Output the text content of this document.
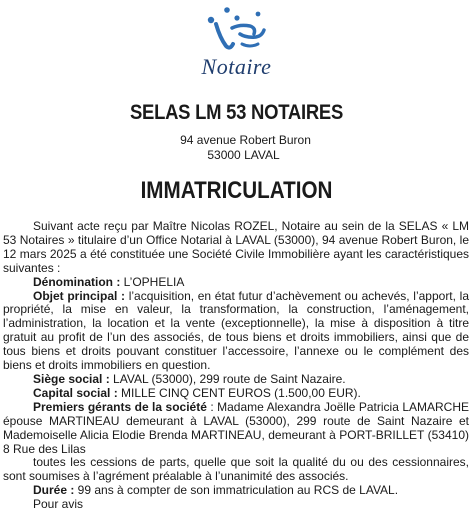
Notaire
SELAS LM 53 NOTAIRES
94 avenue Robert Buron
53000 LAVAL
IMMATRICULATION

Suivant acte reçu par Maître Nicolas ROZEL, Notaire au sein de la SELAS « LM 53 Notaires » titulaire d’un Office Notarial à LAVAL (53000), 94 avenue Robert Buron, le 12 mars 2025 a été constituée une Société Civile Immobilière ayant les caractéristiques suivantes :

Dénomination : L’OPHELIA

Objet principal : l’acquisition, en état futur d’achèvement ou achevés, l’apport, la propriété, la mise en valeur, la transformation, la construction, l’aménagement, l’administration, la location et la vente (exceptionnelle), la mise à disposition à titre gratuit au profit de l’un des associés, de tous biens et droits immobiliers, ainsi que de tous biens et droits pouvant constituer l’accessoire, l’annexe ou le complément des biens et droits immobiliers en question.

Siège social : LAVAL (53000), 299 route de Saint Nazaire.

Capital social : MILLE CINQ CENT EUROS (1.500,00 EUR).

Premiers gérants de la société : Madame Alexandra Joëlle Patricia LAMARCHE épouse MARTINEAU demeurant à LAVAL (53000), 299 route de Saint Nazaire et Mademoiselle Alicia Elodie Brenda MARTINEAU, demeurant à PORT-BRILLET (53410) 8 Rue des Lilas

toutes les cessions de parts, quelle que soit la qualité du ou des cessionnaires, sont soumises à l’agrément préalable à l’unanimité des associés.

Durée : 99 ans à compter de son immatriculation au RCS de LAVAL.

Pour avis
